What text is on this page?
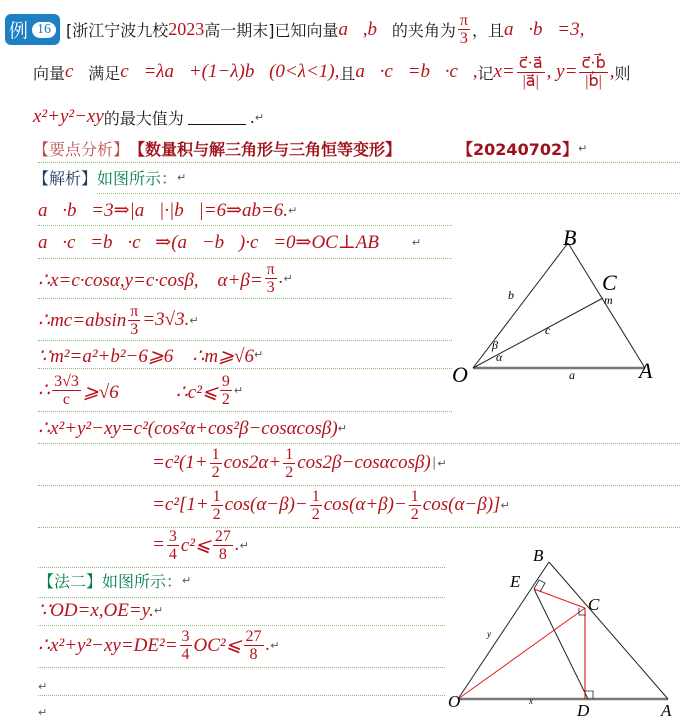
例 16 [浙江宁波九校 2023 高一期末] 已知向量 a⃗,b⃗ 的夹角为 $\frac{\pi}{3}$ ，且 a⃗·b⃗=3,
向量 c⃗ 满足 c⃗=λa⃗+(1−λ)b⃗(0<λ<1), 且 a⃗·c⃗=b⃗·c⃗, 记 $x= \frac{c⃗\cdot a⃗}{|a⃗|}$ , $y= \frac{c⃗\cdot b⃗}{|b⃗|}$ , 则
x²+y²−xy 的最大值为	. ↵
【要点分析】 【数量积与解三角形与三角恒等变形】 　　　　【20240702】 ↵
【解析】 如图所示： ↵
a⃗·b⃗=3⇒|a⃗|·|b⃗|=6⇒ab=6. ↵
a⃗·c⃗=b⃗·c⃗⇒(a⃗−b⃗)·c⃗=0⇒OC⊥AB 　　　↵
∴x=c·cosα,y=c·cosβ,　$\alpha+\beta= \frac{\pi}{3}$ . ↵
∴mc=absin $\frac{\pi}{3} =3√3$. ↵
∵m²=a²+b²−6⩾6　∴m⩾√6 ↵
∴ $\frac{3√3}{c}$ ⩾√6　　　∴c²⩽ $\frac{9}{2}$ ↵
∴x²+y²−xy=c²(cos²α+cos²β−cosαcosβ) ↵
$=c^2(1+ \frac{1}{2} \cos 2\alpha+ \frac{1}{2} \cos 2\beta-\cos\alpha\cos\beta)$ │↵
$=c^2[1+ \frac{1}{2} \cos(\alpha-\beta)- \frac{1}{2} \cos(\alpha+\beta)- \frac{1}{2} \cos(\alpha-\beta)]$ ↵
= $\frac{3}{4}$ c²⩽ $\frac{27}{8}$ . ↵
【法二】如图所示： ↵
∵OD=x,OE=y. ↵
∴x²+y²−xy=DE²= $\frac{3}{4}$ OC²⩽ $\frac{27}{8}$ . ↵
↵
↵
B
C
O	A
b
c
m
a
β
α
B
E
C
O	D	A
y
x
